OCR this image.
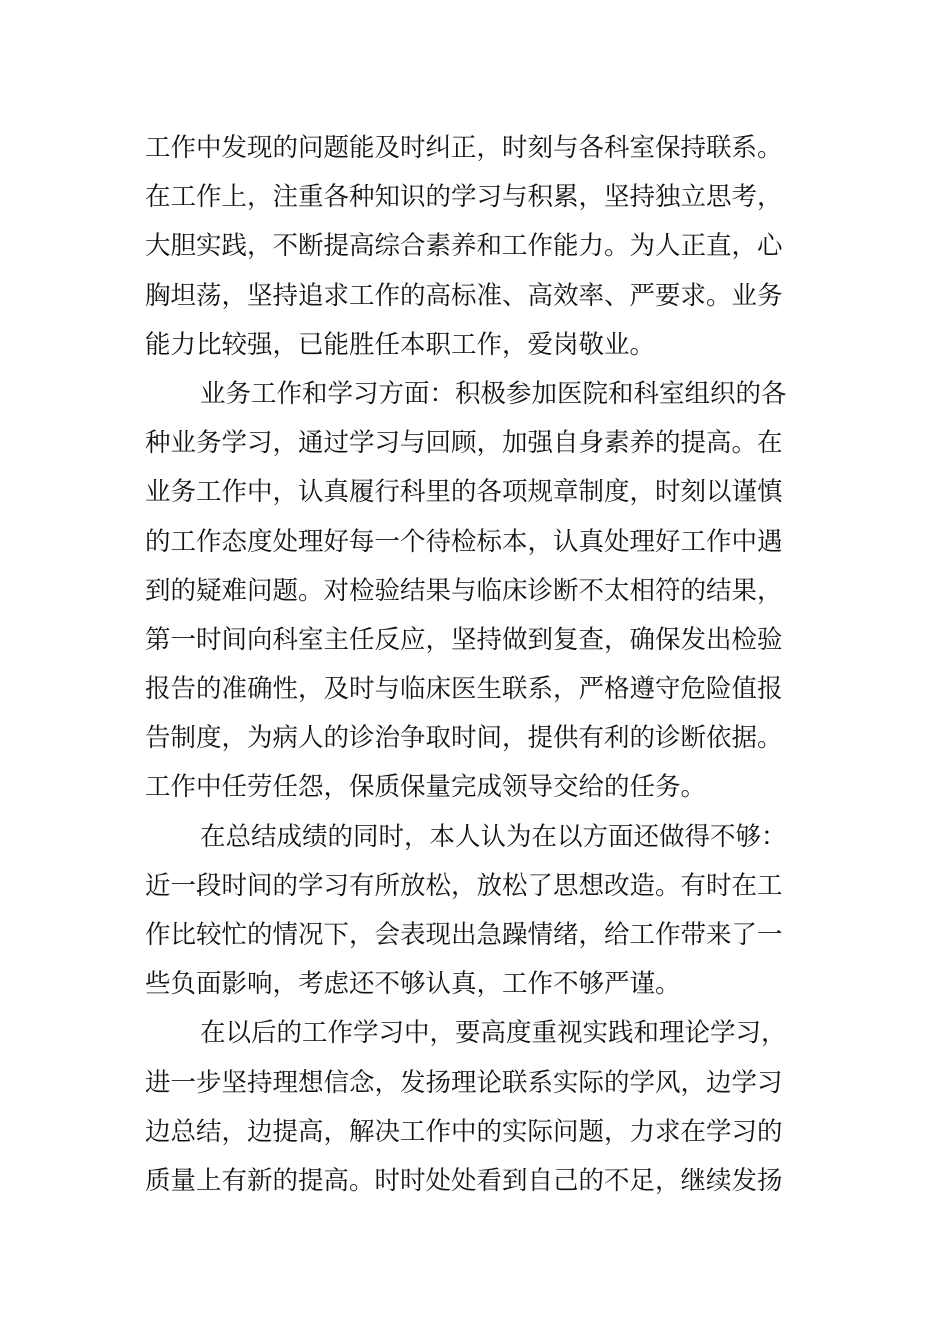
工作中发现的问题能及时纠正，时刻与各科室保持联系。
在工作上，注重各种知识的学习与积累，坚持独立思考，
大胆实践，不断提高综合素养和工作能力。为人正直，心
胸坦荡，坚持追求工作的高标准、高效率、严要求。业务
能力比较强，已能胜任本职工作，爱岗敬业。
业务工作和学习方面：积极参加医院和科室组织的各
种业务学习，通过学习与回顾，加强自身素养的提高。在
业务工作中，认真履行科里的各项规章制度，时刻以谨慎
的工作态度处理好每一个待检标本，认真处理好工作中遇
到的疑难问题。对检验结果与临床诊断不太相符的结果，
第一时间向科室主任反应，坚持做到复查，确保发出检验
报告的准确性，及时与临床医生联系，严格遵守危险值报
告制度，为病人的诊治争取时间，提供有利的诊断依据。
工作中任劳任怨，保质保量完成领导交给的任务。
在总结成绩的同时，本人认为在以方面还做得不够：
近一段时间的学习有所放松，放松了思想改造。有时在工
作比较忙的情况下，会表现出急躁情绪，给工作带来了一
些负面影响，考虑还不够认真，工作不够严谨。
在以后的工作学习中，要高度重视实践和理论学习，
进一步坚持理想信念，发扬理论联系实际的学风，边学习
边总结，边提高，解决工作中的实际问题，力求在学习的
质量上有新的提高。时时处处看到自己的不足，继续发扬
